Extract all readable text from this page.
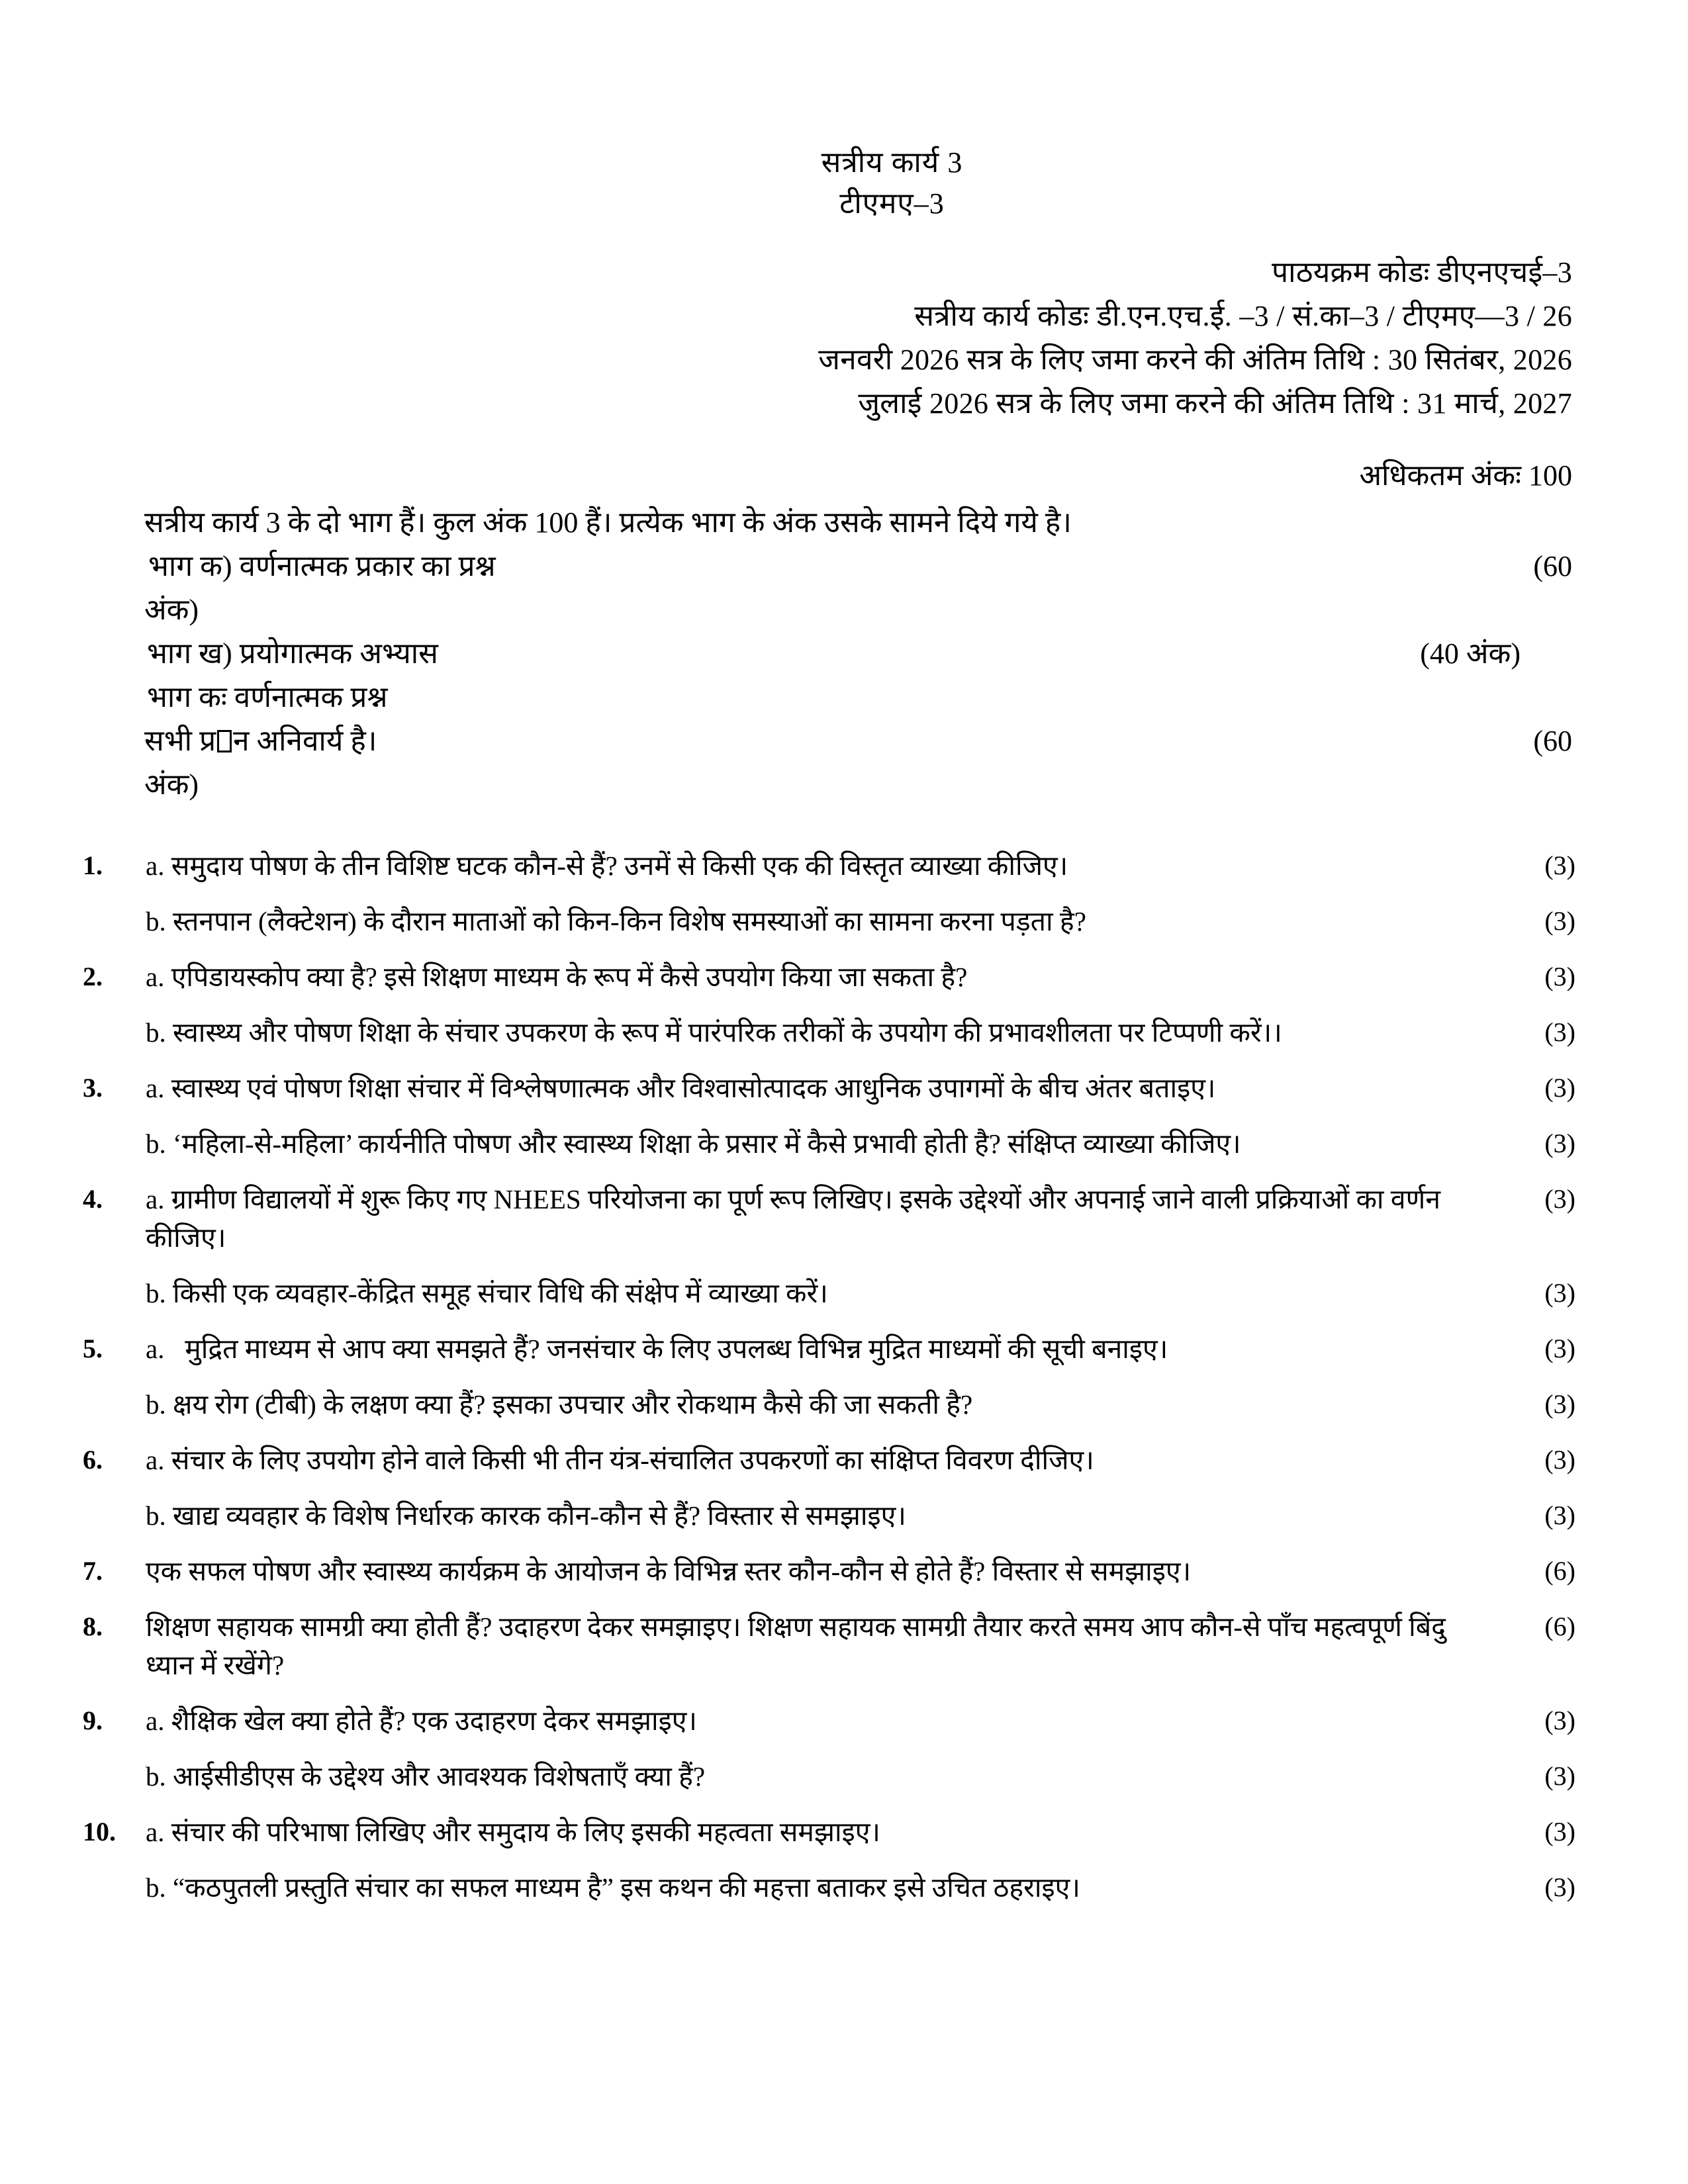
सत्रीय कार्य 3
टीएमए–3
पाठयक्रम कोडः डीएनएचई–3
सत्रीय कार्य कोडः डी.एन.एच.ई. –3 / सं.का–3 / टीएमए––3 / 26
जनवरी 2026 सत्र के लिए जमा करने की अंतिम तिथि : 30 सितंबर, 2026
जुलाई 2026 सत्र के लिए जमा करने की अंतिम तिथि : 31 मार्च, 2027
अधिकतम अंकः 100
सत्रीय कार्य 3 के दो भाग हैं। कुल अंक 100 हैं। प्रत्येक भाग के अंक उसके सामने दिये गये है।
भाग क) वर्णनात्मक प्रकार का प्रश्न	(60
अंक)
भाग ख) प्रयोगात्मक अभ्यास	(40 अंक)
भाग कः वर्णनात्मक प्रश्न
सभी प्र न अनिवार्य है।	(60
अंक)
1.	a. समुदाय पोषण के तीन विशिष्ट घटक कौन-से हैं? उनमें से किसी एक की विस्तृत व्याख्या कीजिए।	(3)
b. स्तनपान (लैक्टेशन) के दौरान माताओं को किन-किन विशेष समस्याओं का सामना करना पड़ता है?	(3)
2.	a. एपिडायस्कोप क्या है? इसे शिक्षण माध्यम के रूप में कैसे उपयोग किया जा सकता है?	(3)
b. स्वास्थ्य और पोषण शिक्षा के संचार उपकरण के रूप में पारंपरिक तरीकों के उपयोग की प्रभावशीलता पर टिप्पणी करें।।	(3)
3.	a. स्वास्थ्य एवं पोषण शिक्षा संचार में विश्लेषणात्मक और विश्वासोत्पादक आधुनिक उपागमों के बीच अंतर बताइए।	(3)
b. ‘महिला-से-महिला’ कार्यनीति पोषण और स्वास्थ्य शिक्षा के प्रसार में कैसे प्रभावी होती है? संक्षिप्त व्याख्या कीजिए।	(3)
4.	a. ग्रामीण विद्यालयों में शुरू किए गए NHEES परियोजना का पूर्ण रूप लिखिए। इसके उद्देश्यों और अपनाई जाने वाली प्रक्रियाओं का वर्णन कीजिए।
(3)
b. किसी एक व्यवहार-केंद्रित समूह संचार विधि की संक्षेप में व्याख्या करें।	(3)
5.	a.   मुद्रित माध्यम से आप क्या समझते हैं? जनसंचार के लिए उपलब्ध विभिन्न मुद्रित माध्यमों की सूची बनाइए।	(3)
b. क्षय रोग (टीबी) के लक्षण क्या हैं? इसका उपचार और रोकथाम कैसे की जा सकती है?	(3)
6.	a. संचार के लिए उपयोग होने वाले किसी भी तीन यंत्र-संचालित उपकरणों का संक्षिप्त विवरण दीजिए।	(3)
b. खाद्य व्यवहार के विशेष निर्धारक कारक कौन-कौन से हैं? विस्तार से समझाइए।	(3)
7.	एक सफल पोषण और स्वास्थ्य कार्यक्रम के आयोजन के विभिन्न स्तर कौन-कौन से होते हैं? विस्तार से समझाइए।	(6)
8.	शिक्षण सहायक सामग्री क्या होती हैं? उदाहरण देकर समझाइए। शिक्षण सहायक सामग्री तैयार करते समय आप कौन-से पाँच महत्वपूर्ण बिंदु ध्यान में रखेंगे?
(6)
9.	a. शैक्षिक खेल क्या होते हैं? एक उदाहरण देकर समझाइए।	(3)
b. आईसीडीएस के उद्देश्य और आवश्यक विशेषताएँ क्या हैं?	(3)
10.	a. संचार की परिभाषा लिखिए और समुदाय के लिए इसकी महत्वता समझाइए।	(3)
b. “कठपुतली प्रस्तुति संचार का सफल माध्यम है” इस कथन की महत्ता बताकर इसे उचित ठहराइए।	(3)
